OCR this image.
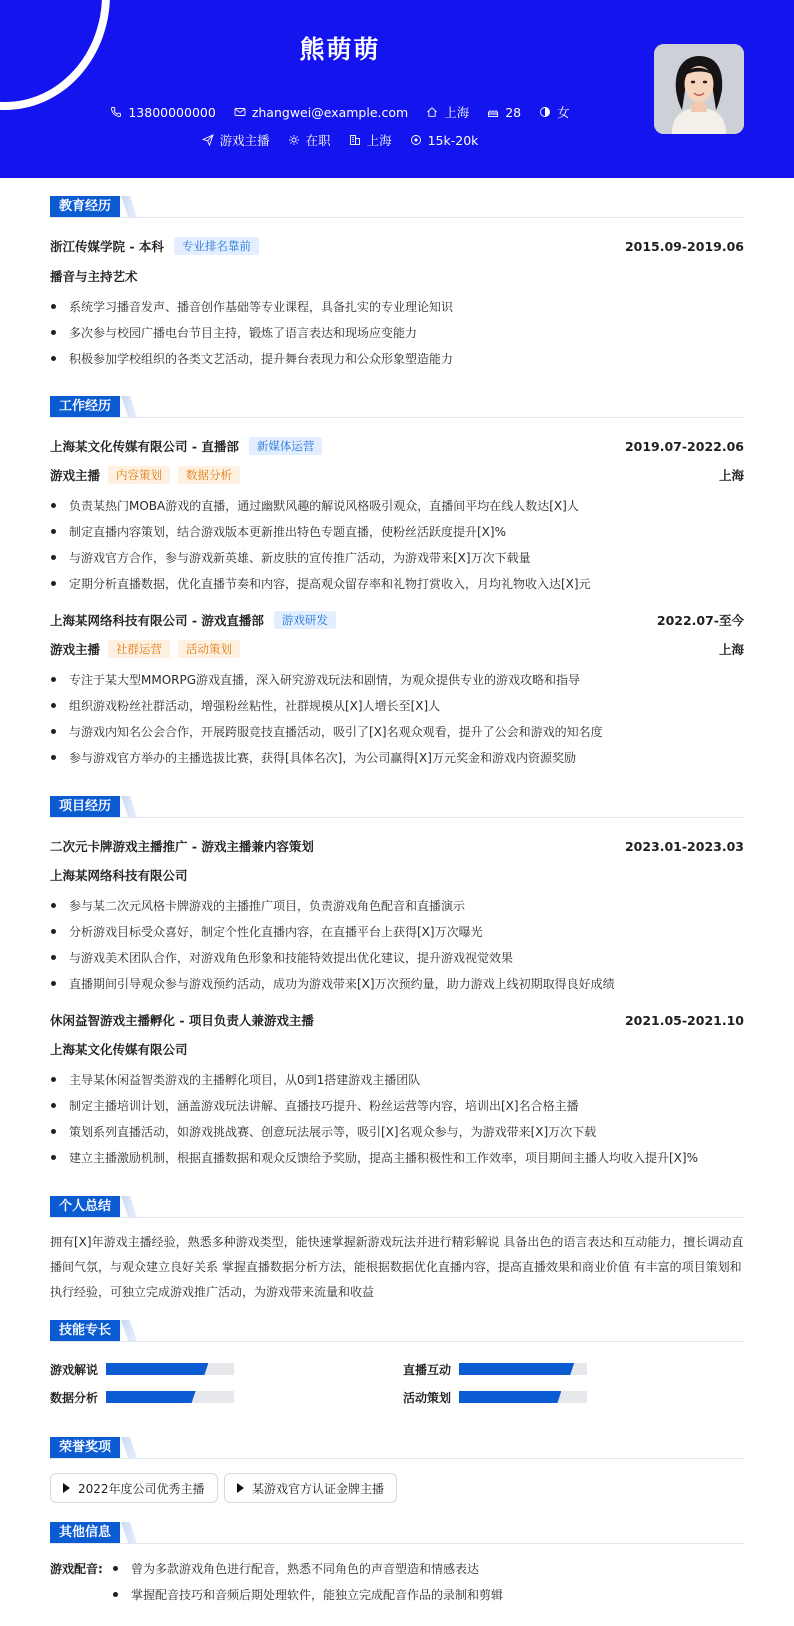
熊萌萌
13800000000	zhangwei@example.com	上海	28	女
游戏主播	在职	上海	15k-20k
教育经历
浙江传媒学院 - 本科	专业排名靠前	2015.09-2019.06
播音与主持艺术
系统学习播音发声、播音创作基础等专业课程，具备扎实的专业理论知识
多次参与校园广播电台节目主持，锻炼了语言表达和现场应变能力
积极参加学校组织的各类文艺活动，提升舞台表现力和公众形象塑造能力
工作经历
上海某文化传媒有限公司 - 直播部	新媒体运营	2019.07-2022.06
游戏主播	内容策划	数据分析	上海
负责某热门MOBA游戏的直播，通过幽默风趣的解说风格吸引观众，直播间平均在线人数达[X]人
制定直播内容策划，结合游戏版本更新推出特色专题直播，使粉丝活跃度提升[X]%
与游戏官方合作，参与游戏新英雄、新皮肤的宣传推广活动，为游戏带来[X]万次下载量
定期分析直播数据，优化直播节奏和内容，提高观众留存率和礼物打赏收入，月均礼物收入达[X]元
上海某网络科技有限公司 - 游戏直播部	游戏研发	2022.07-至今
游戏主播	社群运营	活动策划	上海
专注于某大型MMORPG游戏直播，深入研究游戏玩法和剧情，为观众提供专业的游戏攻略和指导
组织游戏粉丝社群活动，增强粉丝粘性，社群规模从[X]人增长至[X]人
与游戏内知名公会合作，开展跨服竞技直播活动，吸引了[X]名观众观看，提升了公会和游戏的知名度
参与游戏官方举办的主播选拔比赛，获得[具体名次]，为公司赢得[X]万元奖金和游戏内资源奖励
项目经历
二次元卡牌游戏主播推广 - 游戏主播兼内容策划	2023.01-2023.03
上海某网络科技有限公司
参与某二次元风格卡牌游戏的主播推广项目，负责游戏角色配音和直播演示
分析游戏目标受众喜好，制定个性化直播内容，在直播平台上获得[X]万次曝光
与游戏美术团队合作，对游戏角色形象和技能特效提出优化建议，提升游戏视觉效果
直播期间引导观众参与游戏预约活动，成功为游戏带来[X]万次预约量，助力游戏上线初期取得良好成绩
休闲益智游戏主播孵化 - 项目负责人兼游戏主播	2021.05-2021.10
上海某文化传媒有限公司
主导某休闲益智类游戏的主播孵化项目，从0到1搭建游戏主播团队
制定主播培训计划，涵盖游戏玩法讲解、直播技巧提升、粉丝运营等内容，培训出[X]名合格主播
策划系列直播活动，如游戏挑战赛、创意玩法展示等，吸引[X]名观众参与，为游戏带来[X]万次下载
建立主播激励机制，根据直播数据和观众反馈给予奖励，提高主播积极性和工作效率，项目期间主播人均收入提升[X]%
个人总结
拥有[X]年游戏主播经验，熟悉多种游戏类型，能快速掌握新游戏玩法并进行精彩解说 具备出色的语言表达和互动能力，擅长调动直播间气氛，与观众建立良好关系 掌握直播数据分析方法，能根据数据优化直播内容，提高直播效果和商业价值 有丰富的项目策划和执行经验，可独立完成游戏推广活动，为游戏带来流量和收益
技能专长
游戏解说	直播互动
数据分析	活动策划
荣誉奖项
2022年度公司优秀主播	某游戏官方认证金牌主播
其他信息
游戏配音: 曾为多款游戏角色进行配音，熟悉不同角色的声音塑造和情感表达
掌握配音技巧和音频后期处理软件，能独立完成配音作品的录制和剪辑
